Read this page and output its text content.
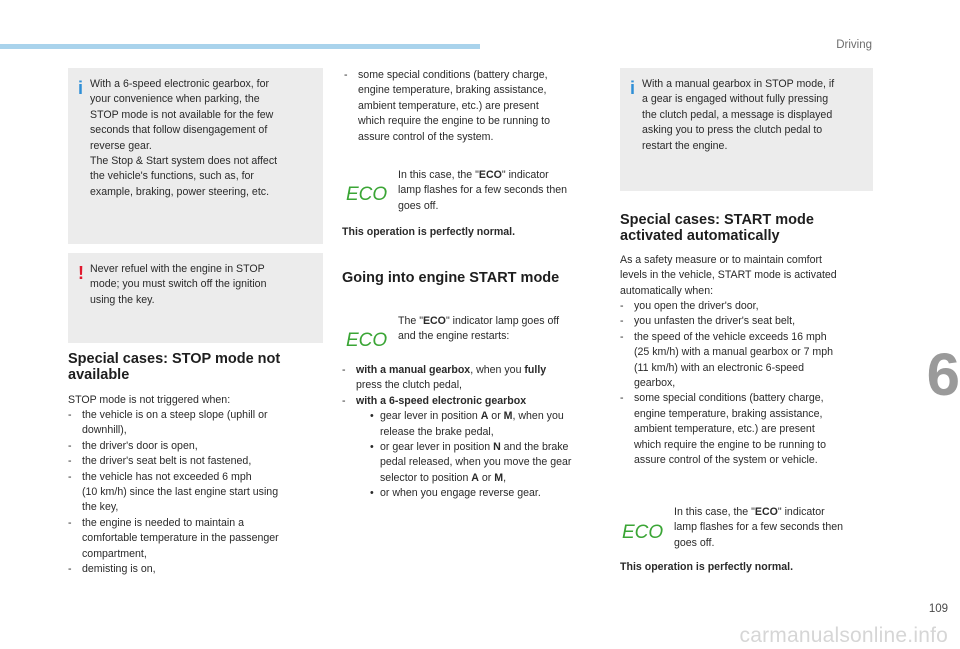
Driving
6
109
carmanualsonline.info
i With a 6-speed electronic gearbox, for
your convenience when parking, the
STOP mode is not available for the few
seconds that follow disengagement of
reverse gear.
The Stop & Start system does not affect
the vehicle's functions, such as, for
example, braking, power steering, etc.

! Never refuel with the engine in STOP
mode; you must switch off the ignition
using the key.

Special cases: STOP mode not
available
STOP mode is not triggered when:
- the vehicle is on a steep slope (uphill or
downhill),
- the driver's door is open,
- the driver's seat belt is not fastened,
- the vehicle has not exceeded 6 mph
(10 km/h) since the last engine start using
the key,
- the engine is needed to maintain a
comfortable temperature in the passenger
compartment,
- demisting is on,
- some special conditions (battery charge,
engine temperature, braking assistance,
ambient temperature, etc.) are present
which require the engine to be running to
assure control of the system.
ECO
In this case, the "ECO" indicator
lamp flashes for a few seconds then
goes off.
This operation is perfectly normal.
Going into engine START mode
ECO
The "ECO" indicator lamp goes off
and the engine restarts:
- with a manual gearbox, when you fully
press the clutch pedal,
- with a 6-speed electronic gearbox
• gear lever in position A or M, when you
release the brake pedal,
• or gear lever in position N and the brake
pedal released, when you move the gear
selector to position A or M,
• or when you engage reverse gear.
i With a manual gearbox in STOP mode, if
a gear is engaged without fully pressing
the clutch pedal, a message is displayed
asking you to press the clutch pedal to
restart the engine.

Special cases: START mode
activated automatically
As a safety measure or to maintain comfort
levels in the vehicle, START mode is activated
automatically when:
- you open the driver's door,
- you unfasten the driver's seat belt,
- the speed of the vehicle exceeds 16 mph
(25 km/h) with a manual gearbox or 7 mph
(11 km/h) with an electronic 6-speed
gearbox,
- some special conditions (battery charge,
engine temperature, braking assistance,
ambient temperature, etc.) are present
which require the engine to be running to
assure control of the system or vehicle.
ECO
In this case, the "ECO" indicator
lamp flashes for a few seconds then
goes off.
This operation is perfectly normal.
